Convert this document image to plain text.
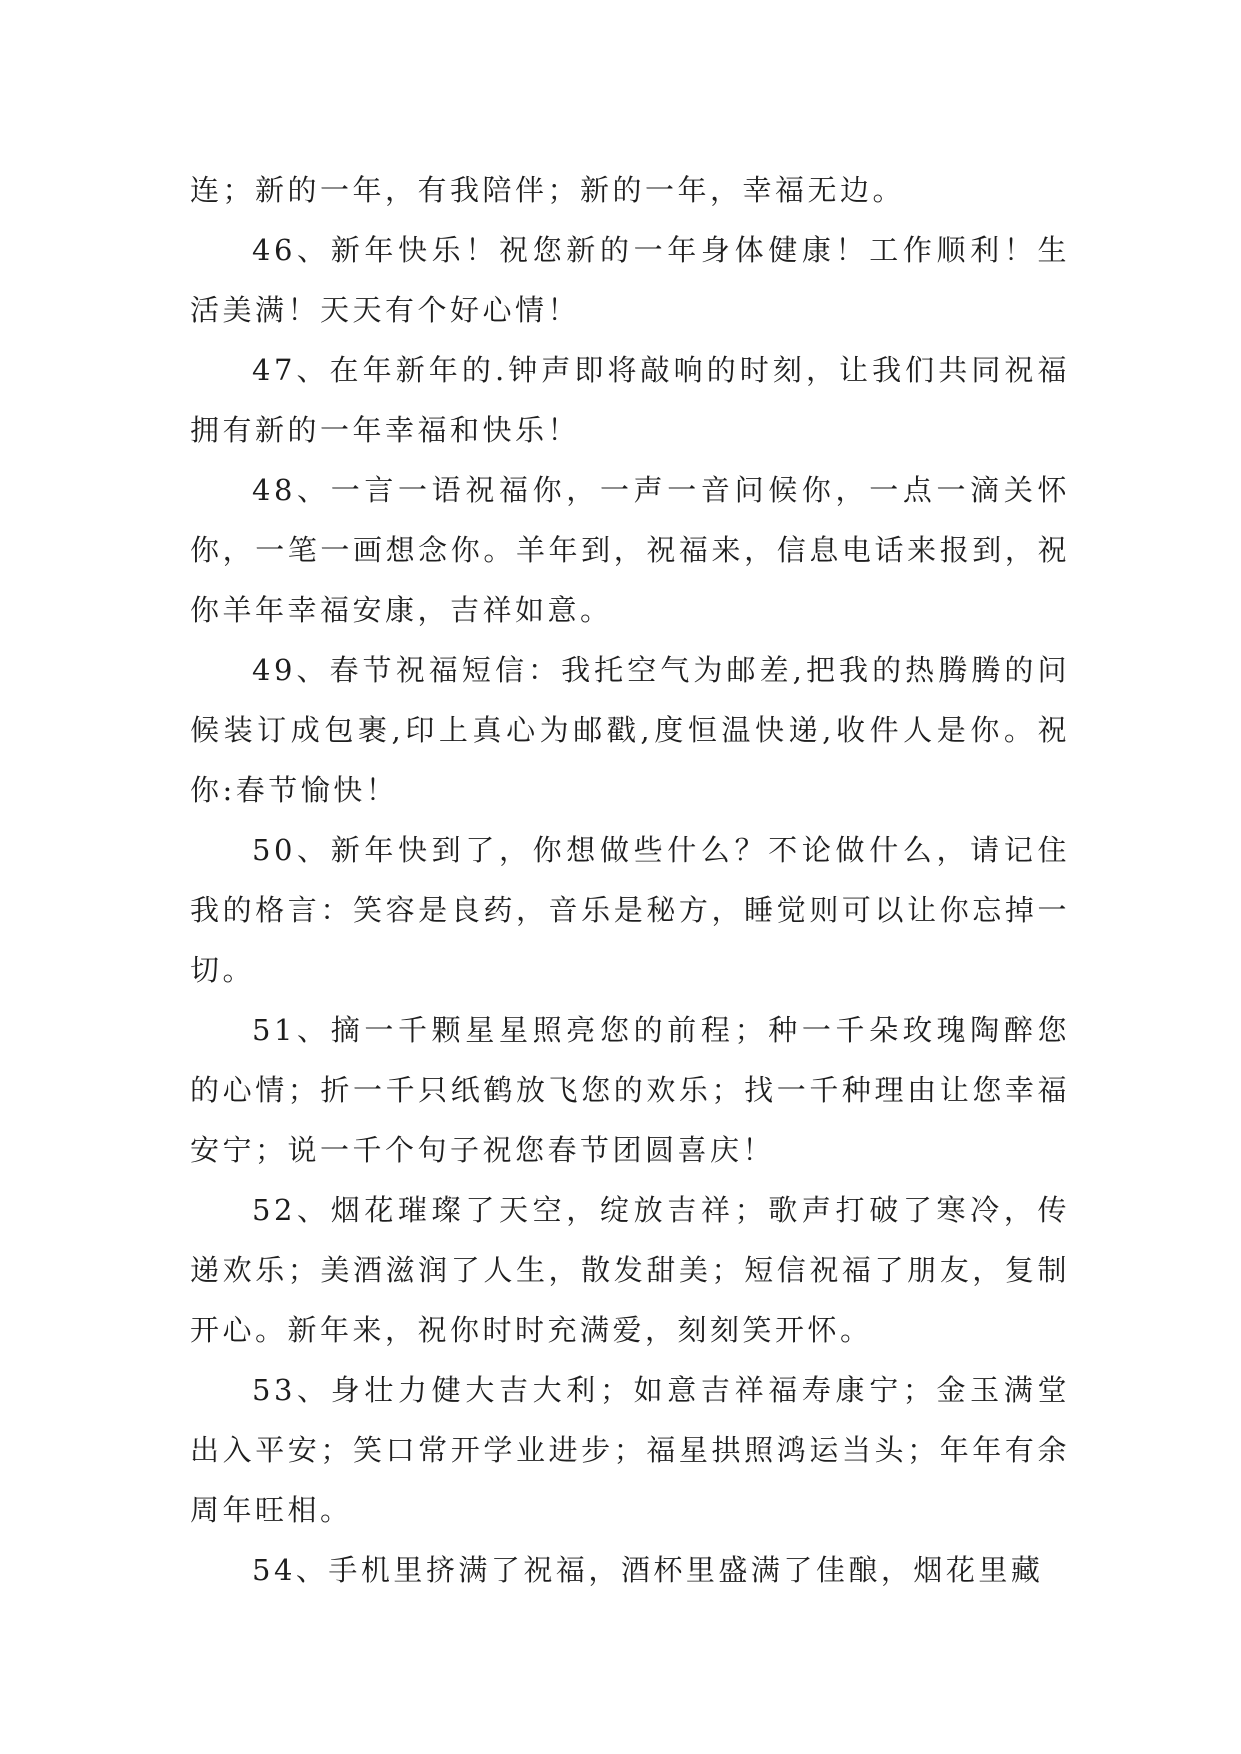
连；新的一年，有我陪伴；新的一年，幸福无边。

46、新年快乐！祝您新的一年身体健康！工作顺利！生活美满！天天有个好心情！

47、在年新年的.钟声即将敲响的时刻，让我们共同祝福拥有新的一年幸福和快乐！

48、一言一语祝福你，一声一音问候你，一点一滴关怀你，一笔一画想念你。羊年到，祝福来，信息电话来报到，祝你羊年幸福安康，吉祥如意。

49、春节祝福短信：我托空气为邮差,把我的热腾腾的问候装订成包裹,印上真心为邮戳,度恒温快递,收件人是你。祝你:春节愉快！

50、新年快到了，你想做些什么？不论做什么，请记住我的格言：笑容是良药，音乐是秘方，睡觉则可以让你忘掉一切。

51、摘一千颗星星照亮您的前程；种一千朵玫瑰陶醉您的心情；折一千只纸鹤放飞您的欢乐；找一千种理由让您幸福安宁；说一千个句子祝您春节团圆喜庆！

52、烟花璀璨了天空，绽放吉祥；歌声打破了寒冷，传递欢乐；美酒滋润了人生，散发甜美；短信祝福了朋友，复制开心。新年来，祝你时时充满爱，刻刻笑开怀。

53、身壮力健大吉大利；如意吉祥福寿康宁；金玉满堂出入平安；笑口常开学业进步；福星拱照鸿运当头；年年有余周年旺相。

54、手机里挤满了祝福，酒杯里盛满了佳酿，烟花里藏
